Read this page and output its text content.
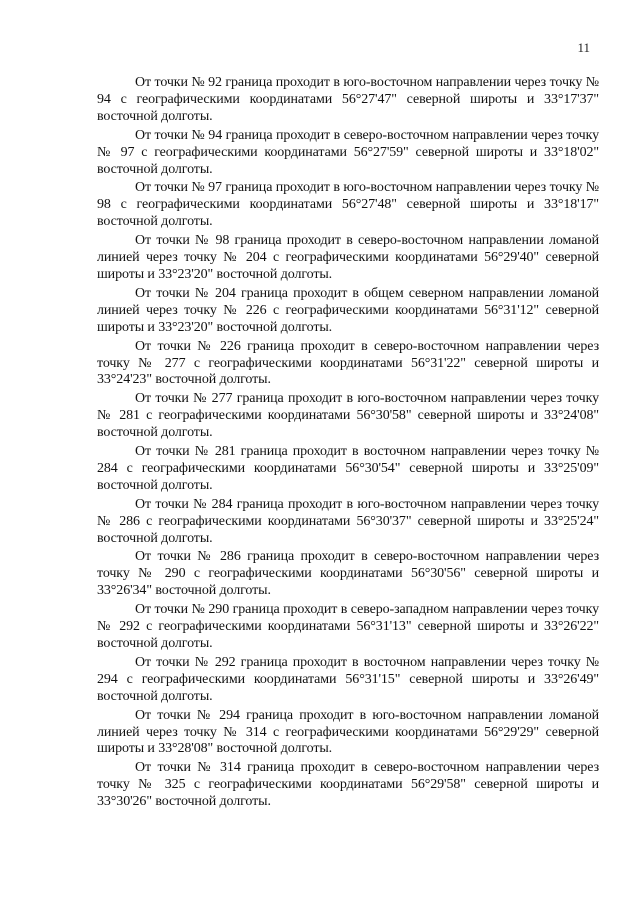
11

От точки № 92 граница проходит в юго-восточном направлении через точку № 94 с географическими координатами 56°27'47" северной широты и 33°17'37" восточной долготы.

От точки № 94 граница проходит в северо-восточном направлении через точку № 97 с географическими координатами 56°27'59" северной широты и 33°18'02" восточной долготы.

От точки № 97 граница проходит в юго-восточном направлении через точку № 98 с географическими координатами 56°27'48" северной широты и 33°18'17" восточной долготы.

От точки № 98 граница проходит в северо-восточном направлении ломаной линией через точку № 204 с географическими координатами 56°29'40" северной широты и 33°23'20" восточной долготы.

От точки № 204 граница проходит в общем северном направлении ломаной линией через точку № 226 с географическими координатами 56°31'12" северной широты и 33°23'20" восточной долготы.

От точки № 226 граница проходит в северо-восточном направлении через точку № 277 с географическими координатами 56°31'22" северной широты и 33°24'23" восточной долготы.

От точки № 277 граница проходит в юго-восточном направлении через точку № 281 с географическими координатами 56°30'58" северной широты и 33°24'08" восточной долготы.

От точки № 281 граница проходит в восточном направлении через точку № 284 с географическими координатами 56°30'54" северной широты и 33°25'09" восточной долготы.

От точки № 284 граница проходит в юго-восточном направлении через точку № 286 с географическими координатами 56°30'37" северной широты и 33°25'24" восточной долготы.

От точки № 286 граница проходит в северо-восточном направлении через точку № 290 с географическими координатами 56°30'56" северной широты и 33°26'34" восточной долготы.

От точки № 290 граница проходит в северо-западном направлении через точку № 292 с географическими координатами 56°31'13" северной широты и 33°26'22" восточной долготы.

От точки № 292 граница проходит в восточном направлении через точку № 294 с географическими координатами 56°31'15" северной широты и 33°26'49" восточной долготы.

От точки № 294 граница проходит в юго-восточном направлении ломаной линией через точку № 314 с географическими координатами 56°29'29" северной широты и 33°28'08" восточной долготы.

От точки № 314 граница проходит в северо-восточном направлении через точку № 325 с географическими координатами 56°29'58" северной широты и 33°30'26" восточной долготы.
